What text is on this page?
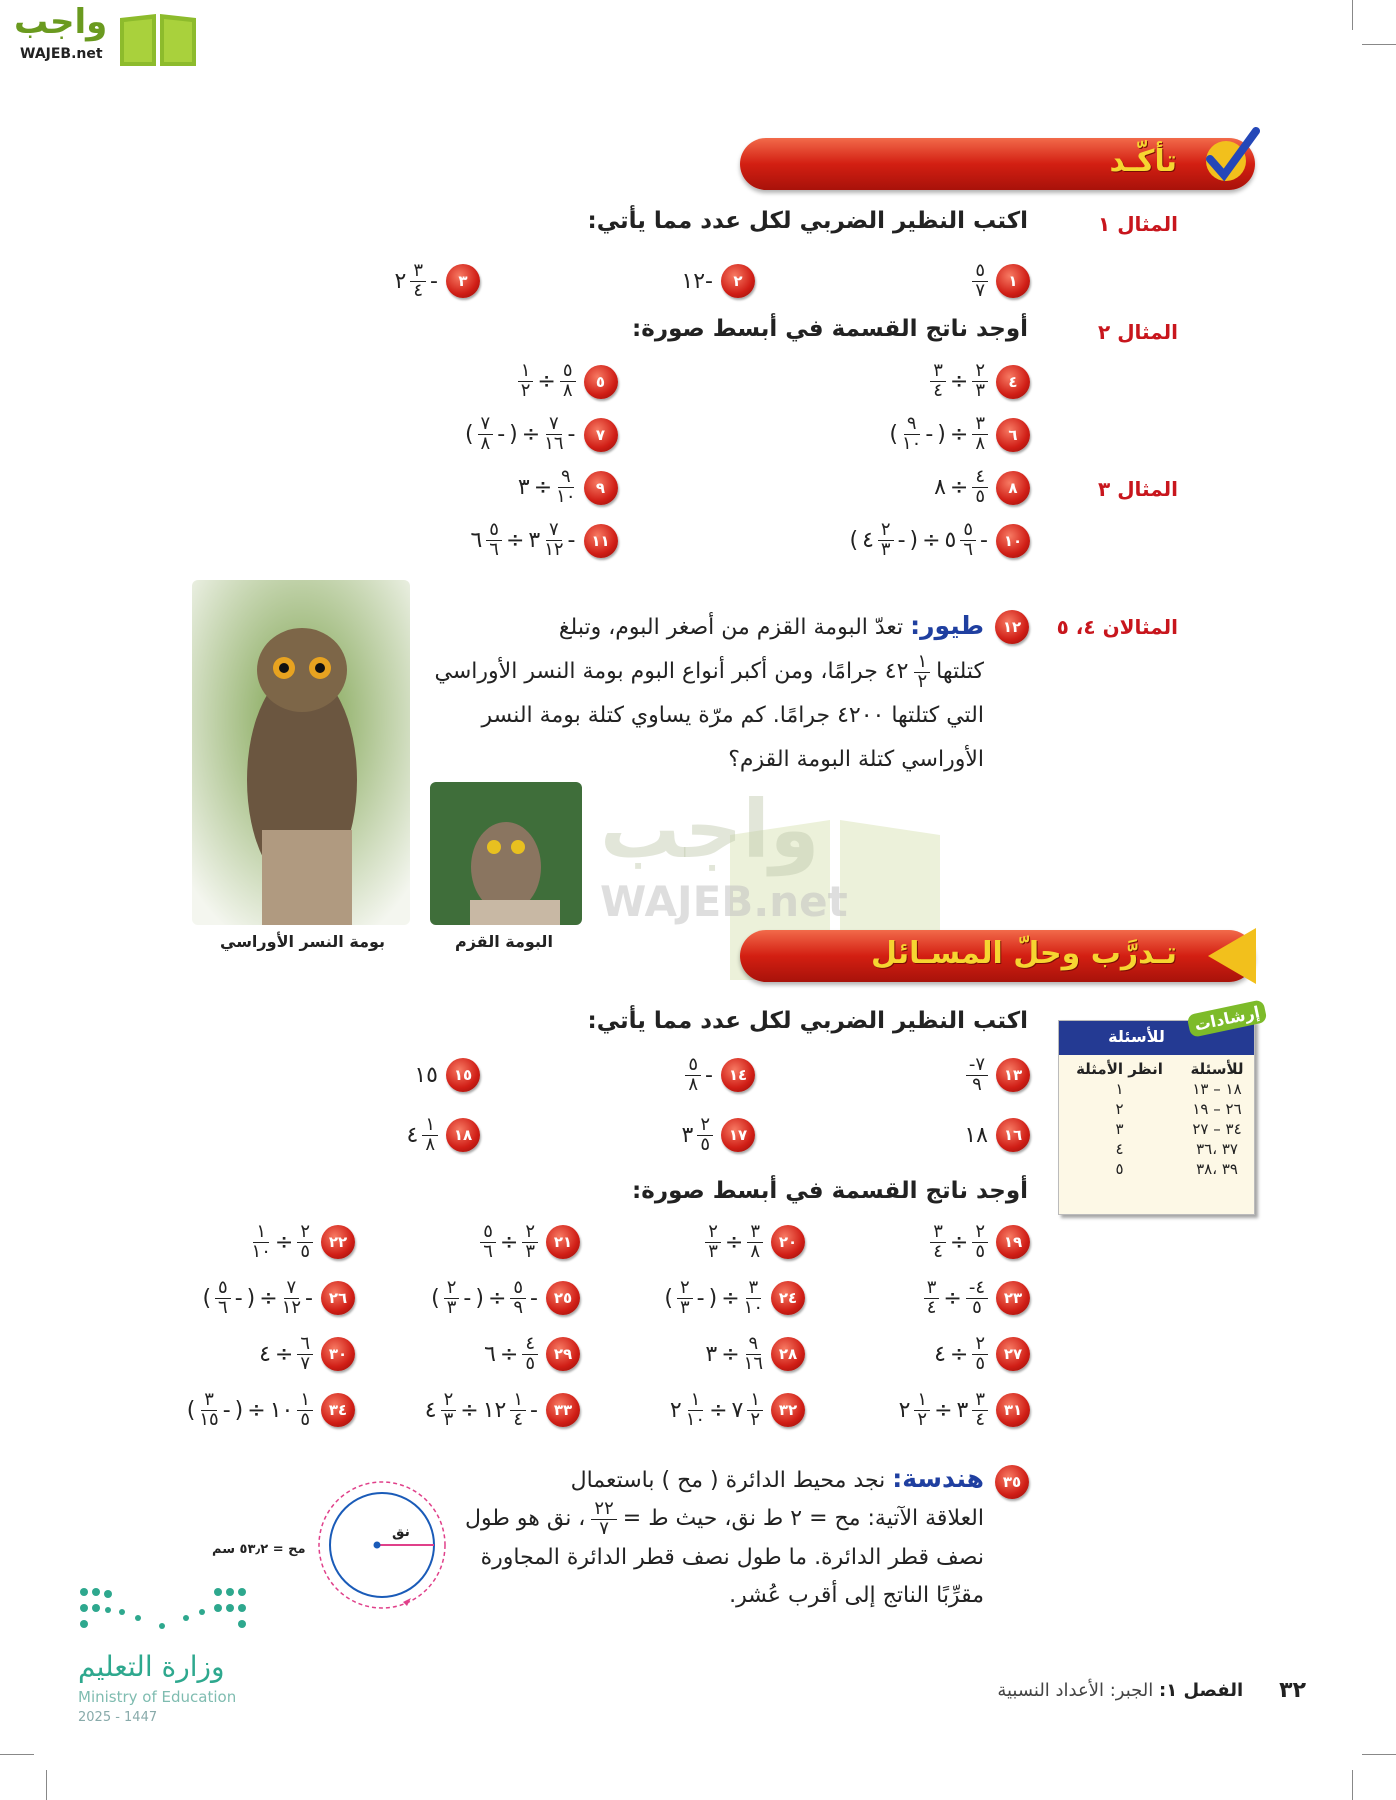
واجب
WAJEB.net
واجب
WAJEB.net
تأكّـد
المثال ١
اكتب النظير الضربي لكل عدد مما يأتي:
١
$\frac{٥}{٧}$
٢
١٢-
٣
-
$\frac{٣}{٤}$
٢
المثال ٢
أوجد ناتج القسمة في أبسط صورة:
٤
$\frac{٢}{٣}$
÷
$\frac{٣}{٤}$
٥
$\frac{٥}{٨}$
÷
$\frac{١}{٢}$
٦
$\frac{٣}{٨}$
÷
)
-
$\frac{٩}{١٠}$
(
٧
-
$\frac{٧}{١٦}$
÷
)
-
$\frac{٧}{٨}$
(
٨
$\frac{٤}{٥}$
÷
٨
٩
$\frac{٩}{١٠}$
÷
٣
١٠
-
$\frac{٥}{٦}$
٥
÷
)
-
$\frac{٢}{٣}$
٤
(
١١
-
$\frac{٧}{١٢}$
٣
÷
$\frac{٥}{٦}$
٦
المثال ٣
المثالان ٤، ٥
١٢
طيور: تعدّ البومة القزم من أصغر البوم، وتبلغ
كتلتها
$\frac{١}{٢}$
٤٢ جرامًا، ومن أكبر أنواع البوم بومة النسر الأوراسي
التي كتلتها ٤٢٠٠ جرامًا. كم مرّة يساوي كتلة بومة النسر
الأوراسي كتلة البومة القزم؟
بومة النسر الأوراسي	البومة القزم	تـدرَّب وحلّ المسـائل
للأسئلة
إرشادات
للأسئلة	انظر الأمثلة
١٨ – ١٣	١
٢٦ – ١٩	٢
٣٤ – ٢٧	٣
٣٧ ،٣٦	٤
٣٩ ،٣٨	٥
اكتب النظير الضربي لكل عدد مما يأتي:
١٣
$\frac{٧-}{٩}$
١٤
-
$\frac{٥}{٨}$
١٥
١٥
١٦
١٨
١٧
$\frac{٢}{٥}$
٣
١٨
$\frac{١}{٨}$
٤
أوجد ناتج القسمة في أبسط صورة:
١٩
$\frac{٢}{٥}$
÷
$\frac{٣}{٤}$
٢٠
$\frac{٣}{٨}$
÷
$\frac{٢}{٣}$
٢١
$\frac{٢}{٣}$
÷
$\frac{٥}{٦}$
٢٢
$\frac{٢}{٥}$
÷
$\frac{١}{١٠}$
٢٣
$\frac{٤-}{٥}$
÷
$\frac{٣}{٤}$
٢٤
$\frac{٣}{١٠}$
÷
)
-
$\frac{٢}{٣}$
(
٢٥
-
$\frac{٥}{٩}$
÷
)
-
$\frac{٢}{٣}$
(
٢٦
-
$\frac{٧}{١٢}$
÷
)
-
$\frac{٥}{٦}$
(
٢٧
$\frac{٢}{٥}$
÷
٤
٢٨
$\frac{٩}{١٦}$
÷
٣
٢٩
$\frac{٤}{٥}$
÷
٦
٣٠
$\frac{٦}{٧}$
÷
٤
٣١
$\frac{٣}{٤}$
٣
÷
$\frac{١}{٢}$
٢
٣٢
$\frac{١}{٢}$
٧
÷
$\frac{١}{١٠}$
٢
٣٣
-
$\frac{١}{٤}$
١٢
÷
$\frac{٢}{٣}$
٤
٣٤
$\frac{١}{٥}$
١٠
÷
)
-
$\frac{٣}{١٥}$
(
٣٥
هندسة: نجد محيط الدائرة ( مح ) باستعمال
العلاقة الآتية: مح = ٢ ط نق، حيث ط =
$\frac{٢٢}{٧}$
، نق هو طول
نصف قطر الدائرة. ما طول نصف قطر الدائرة المجاورة
مقرِّبًا الناتج إلى أقرب عُشر.
نق
مح = ٥٣٫٢ سم
وزارة التعليم
Ministry of Education
2025 - 1447
٣٢
الفصل ١: الجبر: الأعداد النسبية
